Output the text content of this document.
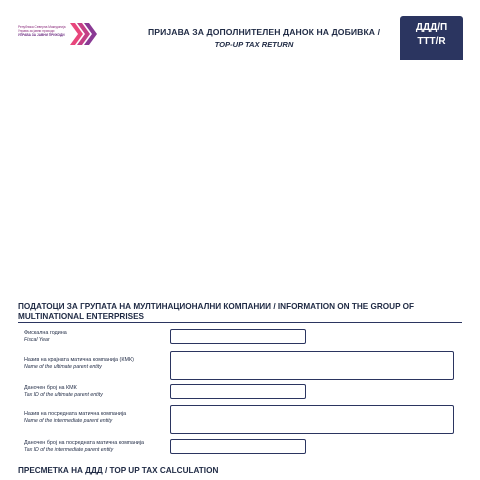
Република Северна Македонија
Управа за јавни приходи
УПРАВА ЗА ЈАВНИ ПРИХОДИ	ПРИЈАВА ЗА ДОПОЛНИТЕЛЕН ДАНОК НА ДОБИВКА /
TOP-UP TAX RETURN
ДДД/П
TTT/R
ПОДАТОЦИ ЗА ГРУПАТА НА МУЛТИНАЦИОНАЛНИ КОМПАНИИ / INFORMATION ON THE GROUP OF MULTINATIONAL ENTERPRISES
Фискална година
Fiscal Year
Назив на крајната матична компанија (КМК)
Name of the ultimate parent entity
Даночен број на КМК
Tax ID of the ultimate parent entity
Назив на посредната матична компанија
Name of the intermediate parent entity
Даночен број на посредната матична компанија
Tax ID of the intermediate parent entity
ПРЕСМЕТКА НА ДДД / TOP UP TAX CALCULATION
